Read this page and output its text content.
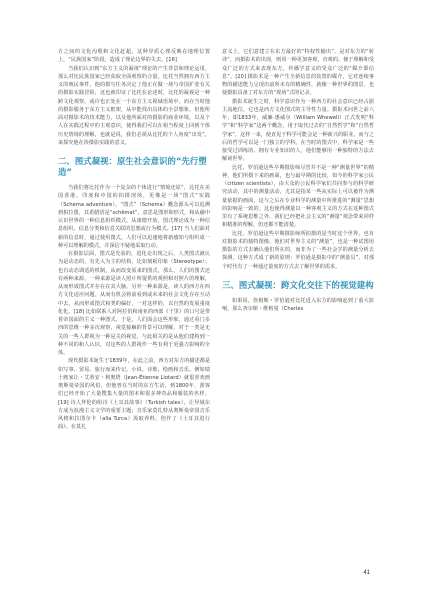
方之间的文化沟壑和文化赶超。这种异质心理反映在地理位置上，“民族国家”阶段，造成了理论边界的失去。[16]

当我们认识到“东方主义的凝视”理论的产生背景和理论运用，那么对比民族国家已经获取全面观察的合量，比托当然拥有西方主义的殖民事件，他的摄写任务决定了他正在做一场与帝国扩张有关的摄影实践冒险，这也就印证了比托在论述时，比托的凝视是一种跨文化观察，或许也正处在一个东方主义视域语境中。而在当时他的摄影服务于东方主义框架，从中能找出具体的全景想象，但他所面对摄影术的技术能力，以及他所面对的摄影的商业环境，以及个人在实践过程中的主观意识，使得我们可以在相当程度上回到个体历史情境的理解，也就是说，我们必须从比托的个人角度“出发”，来探究他在涉摄影实践的意义。

二、图式凝视：原生社会意识的“先行塑造”

当我们将比托作为一个复杂的个体进行“情境还原”，比托在美国香港、印度和中国的拍摄现场，更像是一场“图式”实践（Schema adventure）。“图式”（Schema）概念源头可以追溯到柏拉图，其希腊语是“schēmat”，意思是图形和形式，和从融中认识世界的一种信息组织模式，从康德开始，图式理论成为一种信息组织、信息分类和信息关联的思想或行为模式。[17] 当人们面对新的信息时，通过使用图式，人们可以迅速地将新感知与组织成一种可以理解的模式，并深信不疑地采取行动。

在摄影层面，图式是先验的，进化论出现之后，人类图式被认为是动态的，有先入为主的结构，比如刻板印象（Stereotype）；也有动态调适的机制，从而改变原来的图式，那么，人们的图式还有两种来源，一种来源是读人照片所提供的观照和对照片的理解，从而形成图式并存在在其大脑。另外一种来源是，读人的西方在西方文化适应问题。从而有机会将前看到或未来的社会文化存在互动中去，从而形成图式和类的偏好，一对这样的，以自然的发展重度化化。[18] 比如联系人对阿拉伯和南亚的西部《千里》的口号是带着帝国面的主义一种图式，于是，人们面会这些形象，通过看门多西的思维一种多次观察，视觉接触的背景可以理解，对于一类是无关的一些人群视为一种是关的视觉，与此相关的是从他们建构到一种不同的和人认识，对这些的人群视作一些有利于更强力影响的全体。

现代摄影术诞生于1839年，在此之前，西方对东方的描述都是如写事、贸易、旅行而来传记、小说、诗歌、绘画和音乐。例如瑞士画家让・艾蒂安・利奥塔（Jean-Étienne Liotard）就很喜欢画奥斯曼帝国的风俗，但他曾在当时的东方生活，到1800年，游客们已经开始了大量搜集大量的图本和很多神奇品和服装的名样。[19] 诗人拜伦的组诗《土耳其故事》（Turkish tales），让异域东方成为浪漫主义文学的重要主题；音乐家莫扎特从奥斯曼帝国音乐风格和拉图尔卡（alla Turca）汲取养料，创作了《土耳其进行曲》。在莫扎

意义上，它们意建立在东方最好的“特权性输出”，是对东方的“转译”，而摄影术的出现，则用一种更加客观、直观的、便于理解和受众广泛的方式来表现东方，传播学意义的受众广泛的“媒介即信息”。[20] 摄影术是一种产生全新信息的装置的媒介，它对连续事物的描述能力呈现出前所未有的精确性，就像一种世界的图景，也使摄影具备了对东方的“现场”式的记录。

摄影术诞生之时，科学意识作为一种西方的社会意识已经占据主流地位，它也是西方文化图式的主导性力量。摄影术问世之前六年，即1833年，威廉·惠威尔（William Whewell）正式发明“科学”和“科学家”这两个概念，用于取代过去的“自然哲学”和“自然哲学家”，这样一来，使直见于科学可能会是一种新兴的职业。而与之后的哲学可以是一门独立的学科。在当时的图式中，科学家是一些接受过训练的、拥有专业知识的人，他们能够用一种独特的方法去解读世界。

比托、罗伯逊这些早期摄影师尽管并不是一种“测量世界”的精神，他们所摄下来的画面，也与最早期的比较，如今的科学家公民（citizen scientists），由大众的公民科学家们共同参与的科学研究活动，其中的测量活动，尤其是指某一些从实际上可以被作为测量依据的画面，这与之后在专业科学的测量中所推进的“测量”思想的影响是一致的。这也使得测量以一种客观主义的方式在这种图式里有了系统思维之外，我们已经把社会主义的“测量”观念带来同样和精准的理解，但还都不能清楚。

比托、罗伯逊这些早期摄影师所拍摄的是当时这个世界，也有对摄影术的独特图像，他们对世界主义的“测量”，也是一种试图用摄影的方式去确认他们所在的，而非为了一些社会学的测量分析去探测，这种方式成了新的原则：罗伯逊是摄影中的“测量员”，对那个时代有了一种通过量度的方式去了解世界的需求。

三、图式凝视：跨文化交往下的视觉建构

如果说，詹姆斯・罗伯逊对比托进入东方的影响起到了重大影响，那么查尔斯・维格曼（Charles

41
